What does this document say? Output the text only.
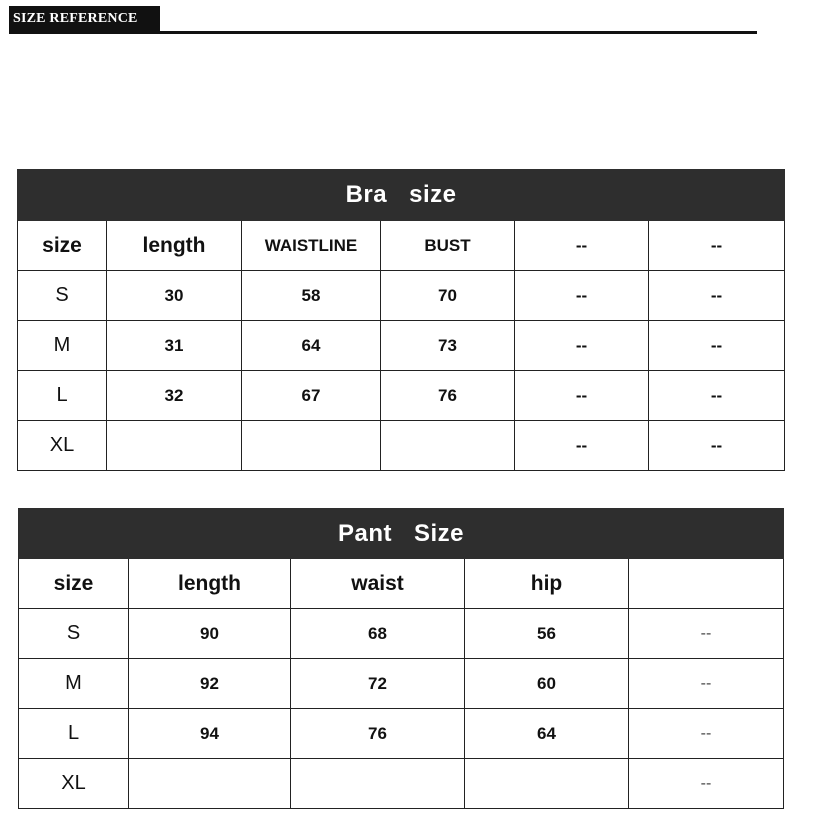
SIZE REFERENCE
Bra size					
size	length	WAISTLINE	BUST	--	--
S	30	58	70	--	--
M	31	64	73	--	--
L	32	67	76	--	--
XL				--	--
Pant Size				
size	length	waist	hip	
S	90	68	56	--
M	92	72	60	--
L	94	76	64	--
XL				--
